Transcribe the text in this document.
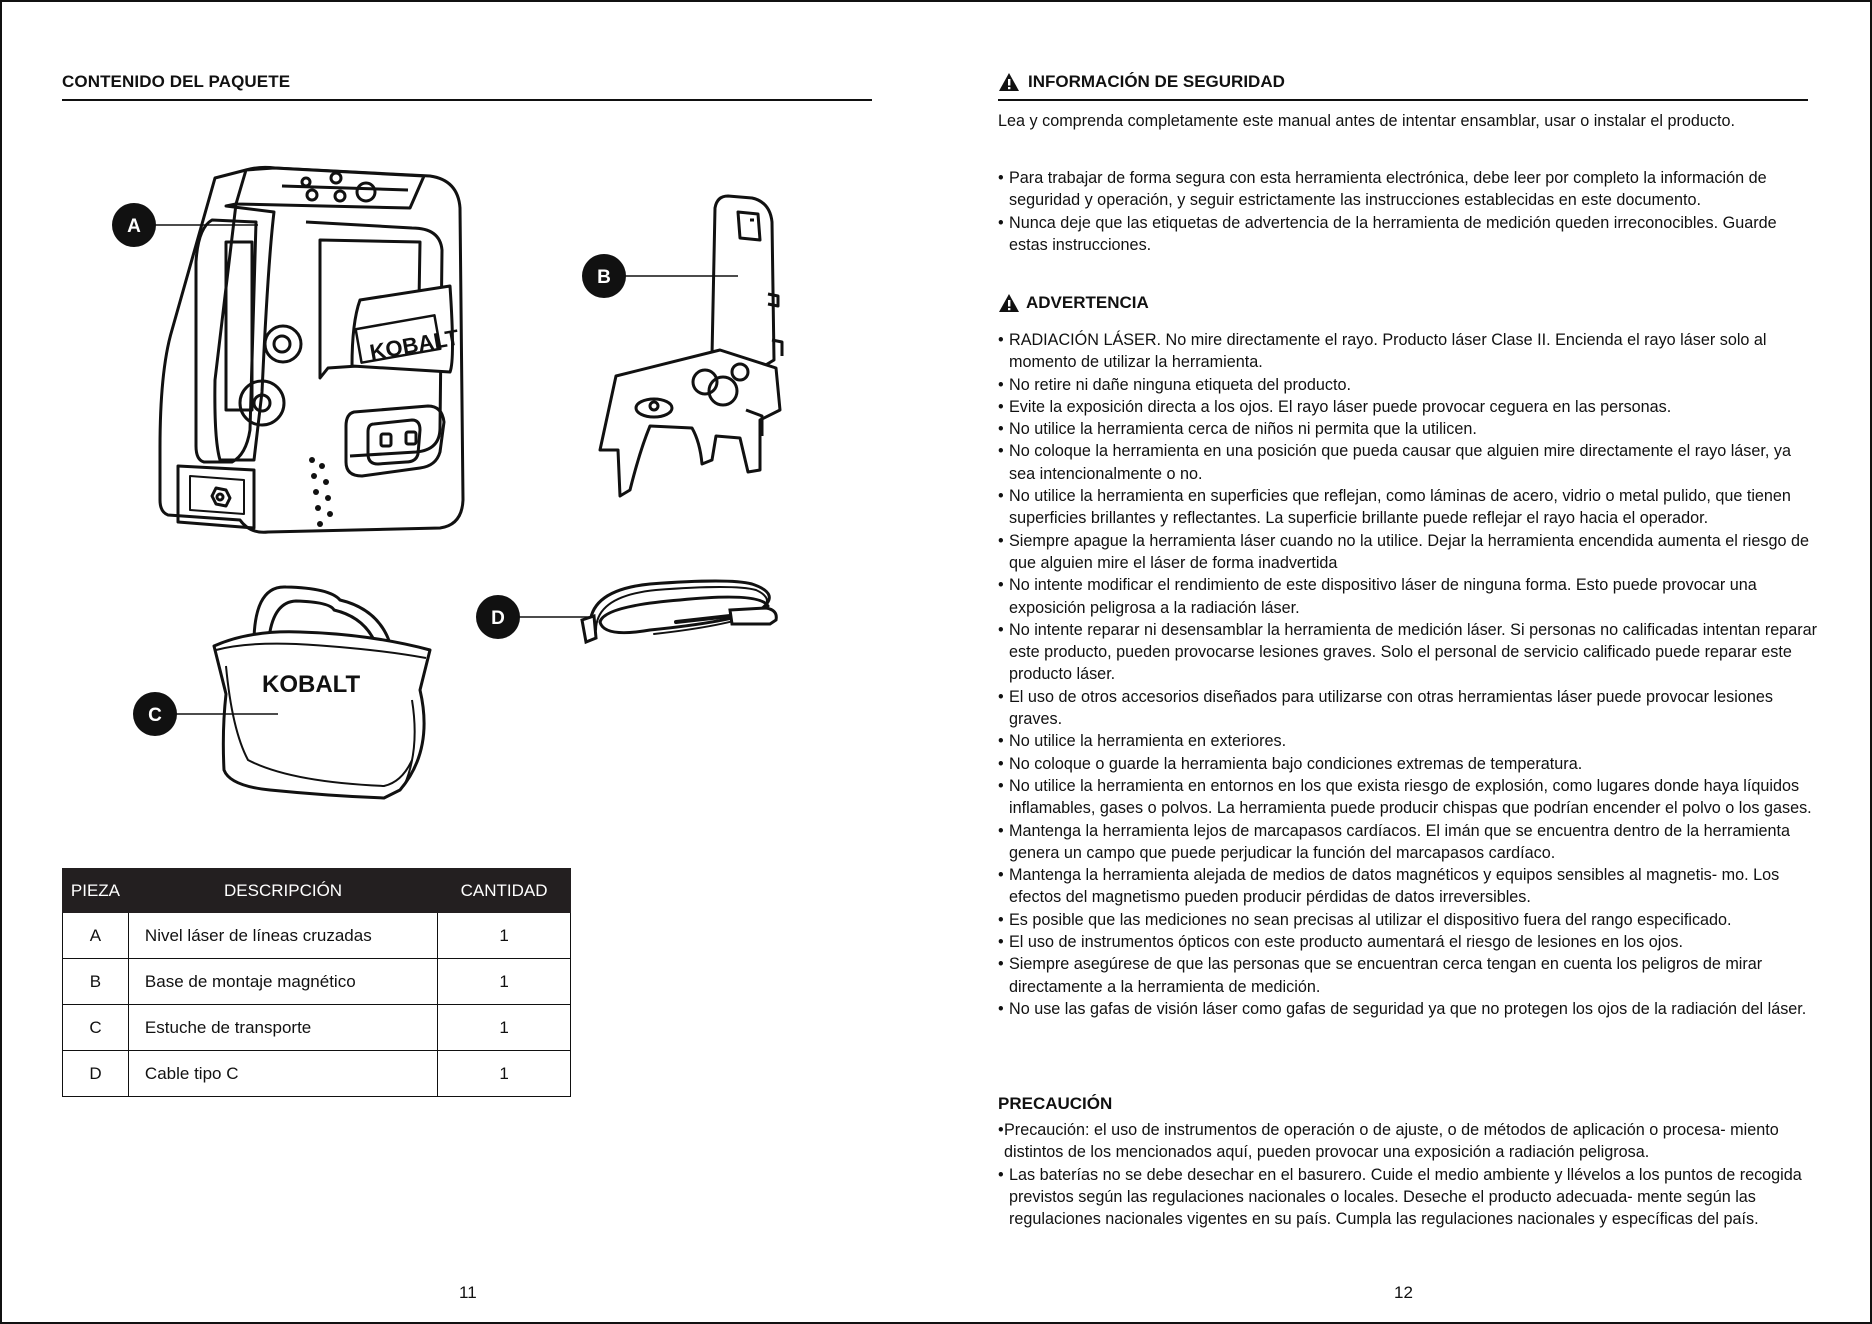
CONTENIDO DEL PAQUETE
KOBALT
KOBALT
A
B
C
D
PIEZA	DESCRIPCIÓN	CANTIDAD
A	Nivel láser de líneas cruzadas	1
B	Base de montaje magnético	1
C	Estuche de transporte	1
D	Cable tipo C	1
11
INFORMACIÓN DE SEGURIDAD
Lea y comprenda completamente este manual antes de intentar ensamblar, usar o instalar el producto.
• Para trabajar de forma segura con esta herramienta electrónica, debe leer por completo la información de seguridad y operación, y seguir estrictamente las instrucciones establecidas en este documento.
• Nunca deje que las etiquetas de advertencia de la herramienta de medición queden irreconocibles. Guarde estas instrucciones.
ADVERTENCIA
• RADIACIÓN LÁSER. No mire directamente el rayo. Producto láser Clase II. Encienda el rayo láser solo al momento de utilizar la herramienta.
• No retire ni dañe ninguna etiqueta del producto.
• Evite la exposición directa a los ojos. El rayo láser puede provocar ceguera en las personas.
• No utilice la herramienta cerca de niños ni permita que la utilicen.
• No coloque la herramienta en una posición que pueda causar que alguien mire directamente el rayo láser, ya sea intencionalmente o no.
• No utilice la herramienta en superficies que reflejan, como láminas de acero, vidrio o metal pulido, que tienen superficies brillantes y reflectantes. La superficie brillante puede reflejar el rayo hacia el operador.
• Siempre apague la herramienta láser cuando no la utilice. Dejar la herramienta encendida aumenta el riesgo de que alguien mire el láser de forma inadvertida
• No intente modificar el rendimiento de este dispositivo láser de ninguna forma. Esto puede provocar una exposición peligrosa a la radiación láser.
• No intente reparar ni desensamblar la herramienta de medición láser. Si personas no calificadas intentan reparar este producto, pueden provocarse lesiones graves. Solo el personal de servicio calificado puede reparar este producto láser.
• El uso de otros accesorios diseñados para utilizarse con otras herramientas láser puede provocar lesiones graves.
• No utilice la herramienta en exteriores.
• No coloque o guarde la herramienta bajo condiciones extremas de temperatura.
• No utilice la herramienta en entornos en los que exista riesgo de explosión, como lugares donde haya líquidos inflamables, gases o polvos. La herramienta puede producir chispas que podrían encender el polvo o los gases.
• Mantenga la herramienta lejos de marcapasos cardíacos. El imán que se encuentra dentro de la herramienta genera un campo que puede perjudicar la función del marcapasos cardíaco.
• Mantenga la herramienta alejada de medios de datos magnéticos y equipos sensibles al magnetis- mo. Los efectos del magnetismo pueden producir pérdidas de datos irreversibles.
• Es posible que las mediciones no sean precisas al utilizar el dispositivo fuera del rango especificado.
• El uso de instrumentos ópticos con este producto aumentará el riesgo de lesiones en los ojos.
• Siempre asegúrese de que las personas que se encuentran cerca tengan en cuenta los peligros de mirar directamente a la herramienta de medición.
• No use las gafas de visión láser como gafas de seguridad ya que no protegen los ojos de la radiación del láser.
PRECAUCIÓN
• Precaución: el uso de instrumentos de operación o de ajuste, o de métodos de aplicación o procesa- miento distintos de los mencionados aquí, pueden provocar una exposición a radiación peligrosa.
• Las baterías no se debe desechar en el basurero. Cuide el medio ambiente y llévelos a los puntos de recogida previstos según las regulaciones nacionales o locales. Deseche el producto adecuada- mente según las regulaciones nacionales vigentes en su país. Cumpla las regulaciones nacionales y específicas del país.
12
